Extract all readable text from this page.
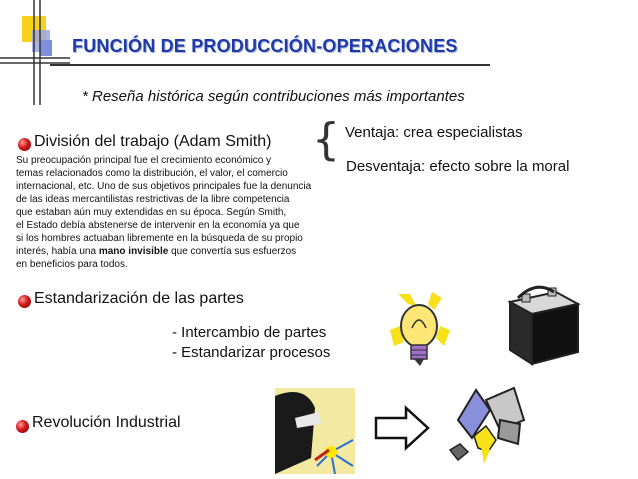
FUNCIÓN DE PRODUCCIÓN-OPERACIONES
* Reseña histórica según contribuciones más importantes
División del trabajo (Adam Smith)
Su preocupación principal fue el crecimiento económico y
temas relacionados como la distribución, el valor, el comercio
internacional, etc. Uno de sus objetivos principales fue la denuncia
de las ideas mercantilistas restrictivas de la libre competencia
que estaban aún muy extendidas en su época. Según Smith,
el Estado debía abstenerse de intervenir en la economía ya que
si los hombres actuaban libremente en la búsqueda de su propio
interés, había una mano invisible que convertía sus esfuerzos
en beneficios para todos.
{ Ventaja: crea especialistas
Desventaja: efecto sobre la moral
Estandarización de las partes
- Intercambio de partes
- Estandarizar procesos
Revolución Industrial
